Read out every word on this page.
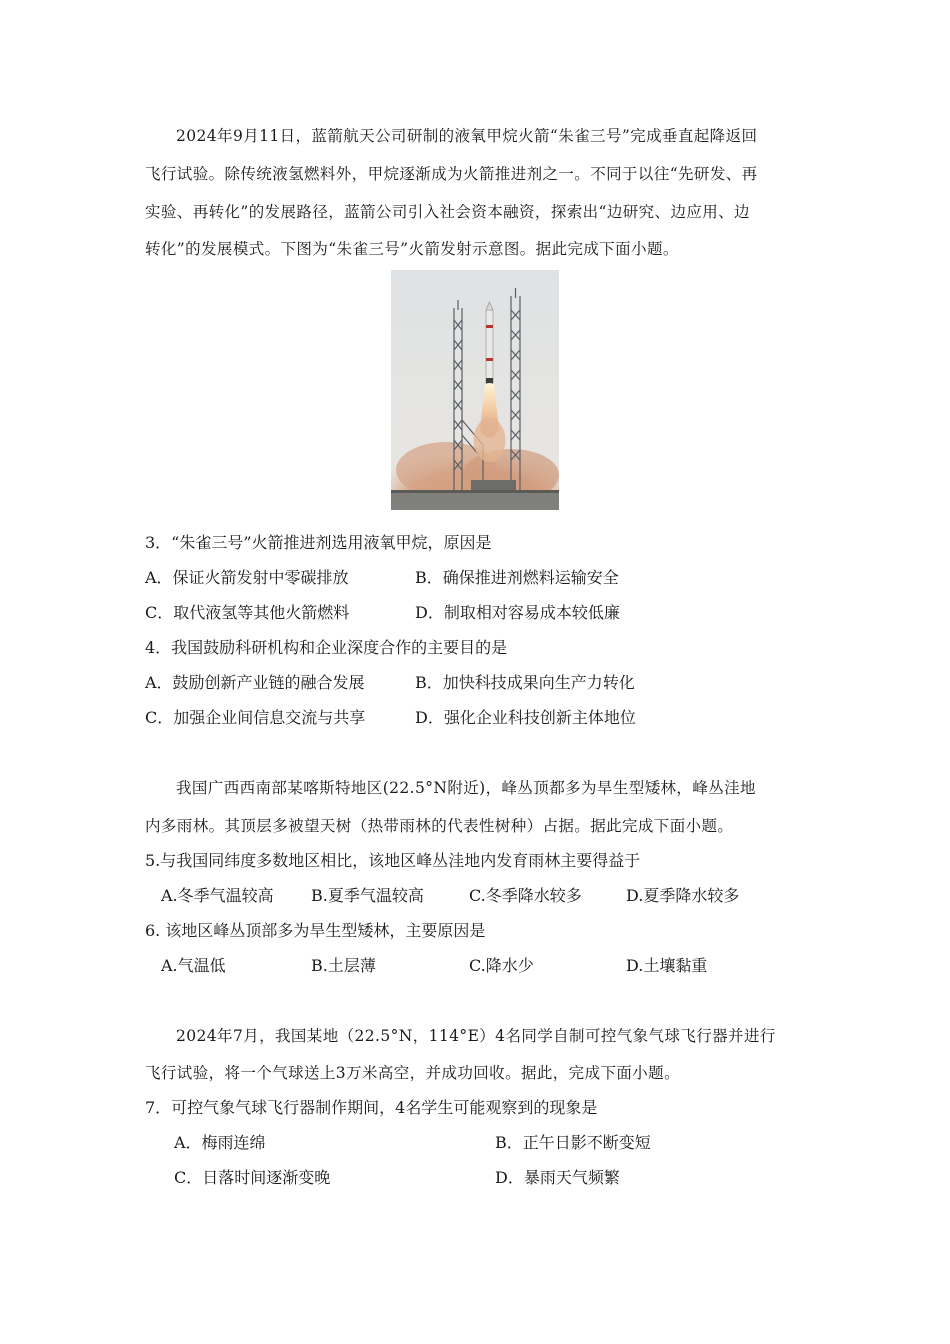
2024年9月11日，蓝箭航天公司研制的液氧甲烷火箭“朱雀三号”完成垂直起降返回
飞行试验。除传统液氢燃料外，甲烷逐渐成为火箭推进剂之一。不同于以往“先研发、再
实验、再转化”的发展路径，蓝箭公司引入社会资本融资，探索出“边研究、边应用、边
转化”的发展模式。下图为“朱雀三号”火箭发射示意图。据此完成下面小题。
3．“朱雀三号”火箭推进剂选用液氧甲烷，原因是
A．保证火箭发射中零碳排放	B．确保推进剂燃料运输安全
C．取代液氢等其他火箭燃料	D．制取相对容易成本较低廉
4．我国鼓励科研机构和企业深度合作的主要目的是
A．鼓励创新产业链的融合发展	B．加快科技成果向生产力转化
C．加强企业间信息交流与共享	D．强化企业科技创新主体地位
我国广西西南部某喀斯特地区(22.5°N附近)，峰丛顶都多为旱生型矮林，峰丛洼地
内多雨林。其顶层多被望天树（热带雨林的代表性树种）占据。据此完成下面小题。
5.与我国同纬度多数地区相比，该地区峰丛洼地内发育雨林主要得益于
A.冬季气温较高 B.夏季气温较高	C.冬季降水较多	D.夏季降水较多
6. 该地区峰丛顶部多为旱生型矮林，主要原因是
A.气温低	B.土层薄	C.降水少	D.土壤黏重
2024年7月，我国某地（22.5°N，114°E）4名同学自制可控气象气球飞行器并进行
飞行试验，将一个气球送上3万米高空，并成功回收。据此，完成下面小题。
7．可控气象气球飞行器制作期间，4名学生可能观察到的现象是
A．梅雨连绵	B．正午日影不断变短
C．日落时间逐渐变晚	D．暴雨天气频繁
